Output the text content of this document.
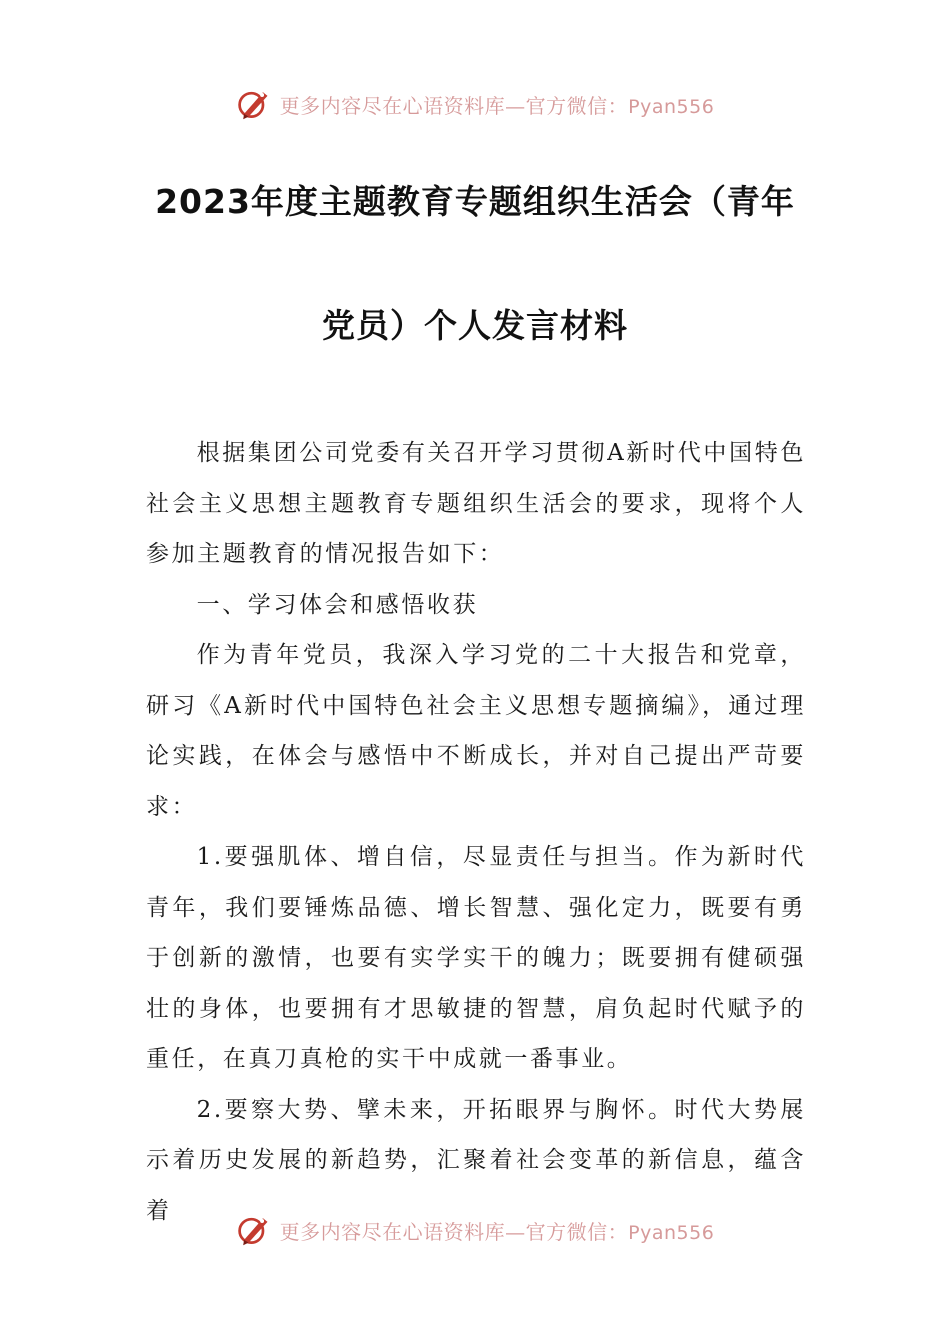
更多内容尽在心语资料库—官方微信：Pyan556
2023年度主题教育专题组织生活会（青年
党员）个人发言材料

根据集团公司党委有关召开学习贯彻A新时代中国特色社会主义思想主题教育专题组织生活会的要求，现将个人参加主题教育的情况报告如下：

一、学习体会和感悟收获

作为青年党员，我深入学习党的二十大报告和党章，研习《A新时代中国特色社会主义思想专题摘编》，通过理论实践，在体会与感悟中不断成长，并对自己提出严苛要求：

1.要强肌体、增自信，尽显责任与担当。作为新时代青年，我们要锤炼品德、增长智慧、强化定力，既要有勇于创新的激情，也要有实学实干的魄力；既要拥有健硕强壮的身体，也要拥有才思敏捷的智慧，肩负起时代赋予的重任，在真刀真枪的实干中成就一番事业。

2.要察大势、擘未来，开拓眼界与胸怀。时代大势展示着历史发展的新趋势，汇聚着社会变革的新信息，蕴含着

更多内容尽在心语资料库—官方微信：Pyan556
